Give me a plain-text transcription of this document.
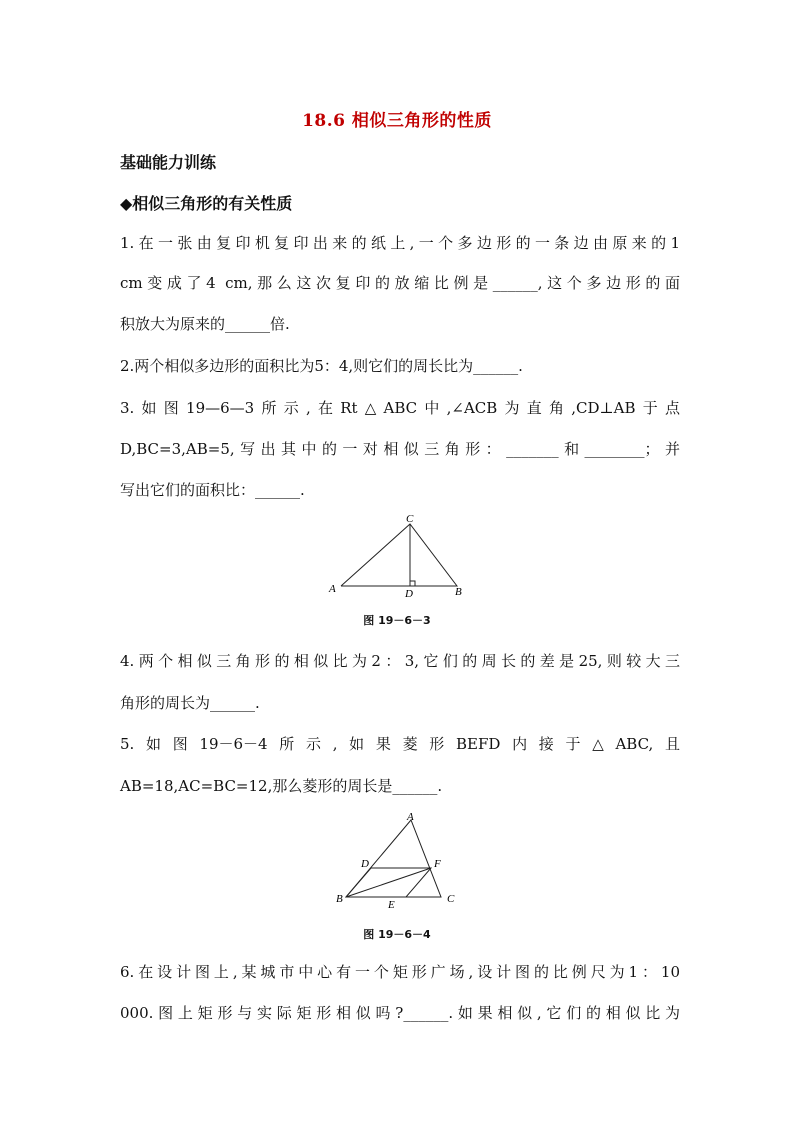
18.6 相似三角形的性质
基础能力训练
◆相似三角形的有关性质
1.在一张由复印机复印出来的纸上,一个多边形的一条边由原来的1
cm变成了4 cm,那么这次复印的放缩比例是______,这个多边形的面
积放大为原来的______倍.
2.两个相似多边形的面积比为5：4,则它们的周长比为______.
3.如图19—6—3所示,在Rt△ABC中,∠ACB为直角,CD⊥AB于点
D,BC=3,AB=5,写出其中的一对相似三角形：_______和________；并
写出它们的面积比：______.
A
C
D	B
图 19－6－3
4.两个相似三角形的相似比为2：3,它们的周长的差是25,则较大三
角形的周长为______.
5.如图19－6－4所示,如果菱形BEFD内接于△ABC,且
AB=18,AC=BC=12,那么菱形的周长是______.
A
D	F
B	E	C
图 19－6－4
6.在设计图上,某城市中心有一个矩形广场,设计图的比例尺为1：10
000.图上矩形与实际矩形相似吗?______.如果相似,它们的相似比为
